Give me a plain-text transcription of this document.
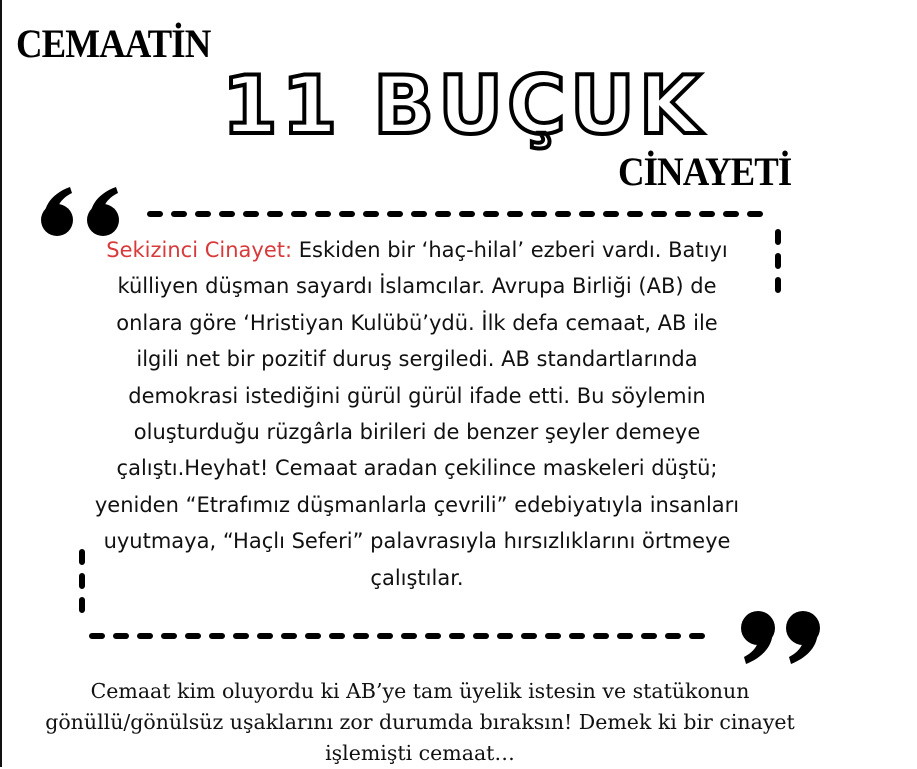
CEMAATİN
11 BUÇUK
CİNAYETİ

Sekizinci Cinayet: Eskiden bir ‘haç-hilal’ ezberi vardı. Batıyı külliyen düşman sayardı İslamcılar. Avrupa Birliği (AB) de onlara göre ‘Hristiyan Kulübü’ydü. İlk defa cemaat, AB ile ilgili net bir pozitif duruş sergiledi. AB standartlarında demokrasi istediğini gürül gürül ifade etti. Bu söylemin oluşturduğu rüzgârla birileri de benzer şeyler demeye çalıştı.Heyhat! Cemaat aradan çekilince maskeleri düştü; yeniden “Etrafımız düşmanlarla çevrili” edebiyatıyla insanları uyutmaya, “Haçlı Seferi” palavrasıyla hırsızlıklarını örtmeye çalıştılar.

Cemaat kim oluyordu ki AB’ye tam üyelik istesin ve statükonun gönüllü/gönülsüz uşaklarını zor durumda bıraksın! Demek ki bir cinayet işlemişti cemaat…
